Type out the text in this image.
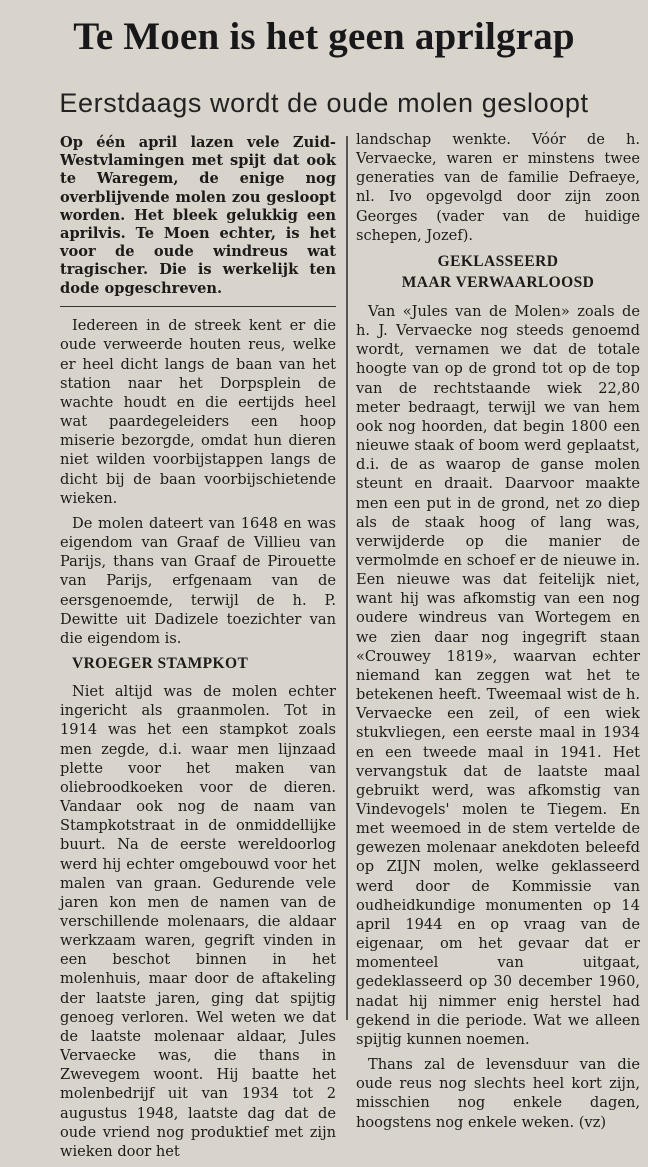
Te Moen is het geen aprilgrap
Eerstdaags wordt de oude molen gesloopt

Op één april lazen vele Zuid-Westvlamingen met spijt dat ook te Waregem, de enige nog overblijvende molen zou gesloopt worden. Het bleek gelukkig een aprilvis. Te Moen echter, is het voor de oude windreus wat tragischer. Die is werkelijk ten dode opgeschreven.

Iedereen in de streek kent er die oude verweerde houten reus, welke er heel dicht langs de baan van het station naar het Dorpsplein de wachte houdt en die eertijds heel wat paardegeleiders een hoop miserie bezorgde, omdat hun dieren niet wilden voorbijstappen langs de dicht bij de baan voorbijschietende wieken.

De molen dateert van 1648 en was eigendom van Graaf de Villieu van Parijs, thans van Graaf de Pirouette van Parijs, erfgenaam van de eersgenoemde, terwijl de h. P. Dewitte uit Dadizele toezichter van die eigendom is.

VROEGER STAMPKOT

Niet altijd was de molen echter ingericht als graanmolen. Tot in 1914 was het een stampkot zoals men zegde, d.i. waar men lijnzaad plette voor het maken van oliebroodkoeken voor de dieren. Vandaar ook nog de naam van Stampkotstraat in de onmiddellijke buurt. Na de eerste wereldoorlog werd hij echter omgebouwd voor het malen van graan. Gedurende vele jaren kon men de namen van de verschillende molenaars, die aldaar werkzaam waren, gegrift vinden in een beschot binnen in het molenhuis, maar door de aftakeling der laatste jaren, ging dat spijtig genoeg verloren. Wel weten we dat de laatste molenaar aldaar, Jules Vervaecke was, die thans in Zwevegem woont. Hij baatte het molenbedrijf uit van 1934 tot 2 augustus 1948, laatste dag dat de oude vriend nog produktief met zijn wieken door het

landschap wenkte. Vóór de h. Vervaecke, waren er minstens twee generaties van de familie Defraeye, nl. Ivo opgevolgd door zijn zoon Georges (vader van de huidige schepen, Jozef).

GEKLASSEERD
MAAR VERWAARLOOSD

Van «Jules van de Molen» zoals de h. J. Vervaecke nog steeds genoemd wordt, vernamen we dat de totale hoogte van op de grond tot op de top van de rechtstaande wiek 22,80 meter bedraagt, terwijl we van hem ook nog hoorden, dat begin 1800 een nieuwe staak of boom werd geplaatst, d.i. de as waarop de ganse molen steunt en draait. Daarvoor maakte men een put in de grond, net zo diep als de staak hoog of lang was, verwijderde op die manier de vermolmde en schoef er de nieuwe in. Een nieuwe was dat feitelijk niet, want hij was afkomstig van een nog oudere windreus van Wortegem en we zien daar nog ingegrift staan «Crouwey 1819», waarvan echter niemand kan zeggen wat het te betekenen heeft. Tweemaal wist de h. Vervaecke een zeil, of een wiek stukvliegen, een eerste maal in 1934 en een tweede maal in 1941. Het vervangstuk dat de laatste maal gebruikt werd, was afkomstig van Vindevogels' molen te Tiegem. En met weemoed in de stem vertelde de gewezen molenaar anekdoten beleefd op ZIJN molen, welke geklasseerd werd door de Kommissie van oudheidkundige monumenten op 14 april 1944 en op vraag van de eigenaar, om het gevaar dat er momenteel van uitgaat, gedeklasseerd op 30 december 1960, nadat hij nimmer enig herstel had gekend in die periode. Wat we alleen spijtig kunnen noemen.

Thans zal de levensduur van die oude reus nog slechts heel kort zijn, misschien nog enkele dagen, hoogstens nog enkele weken. (vz)
